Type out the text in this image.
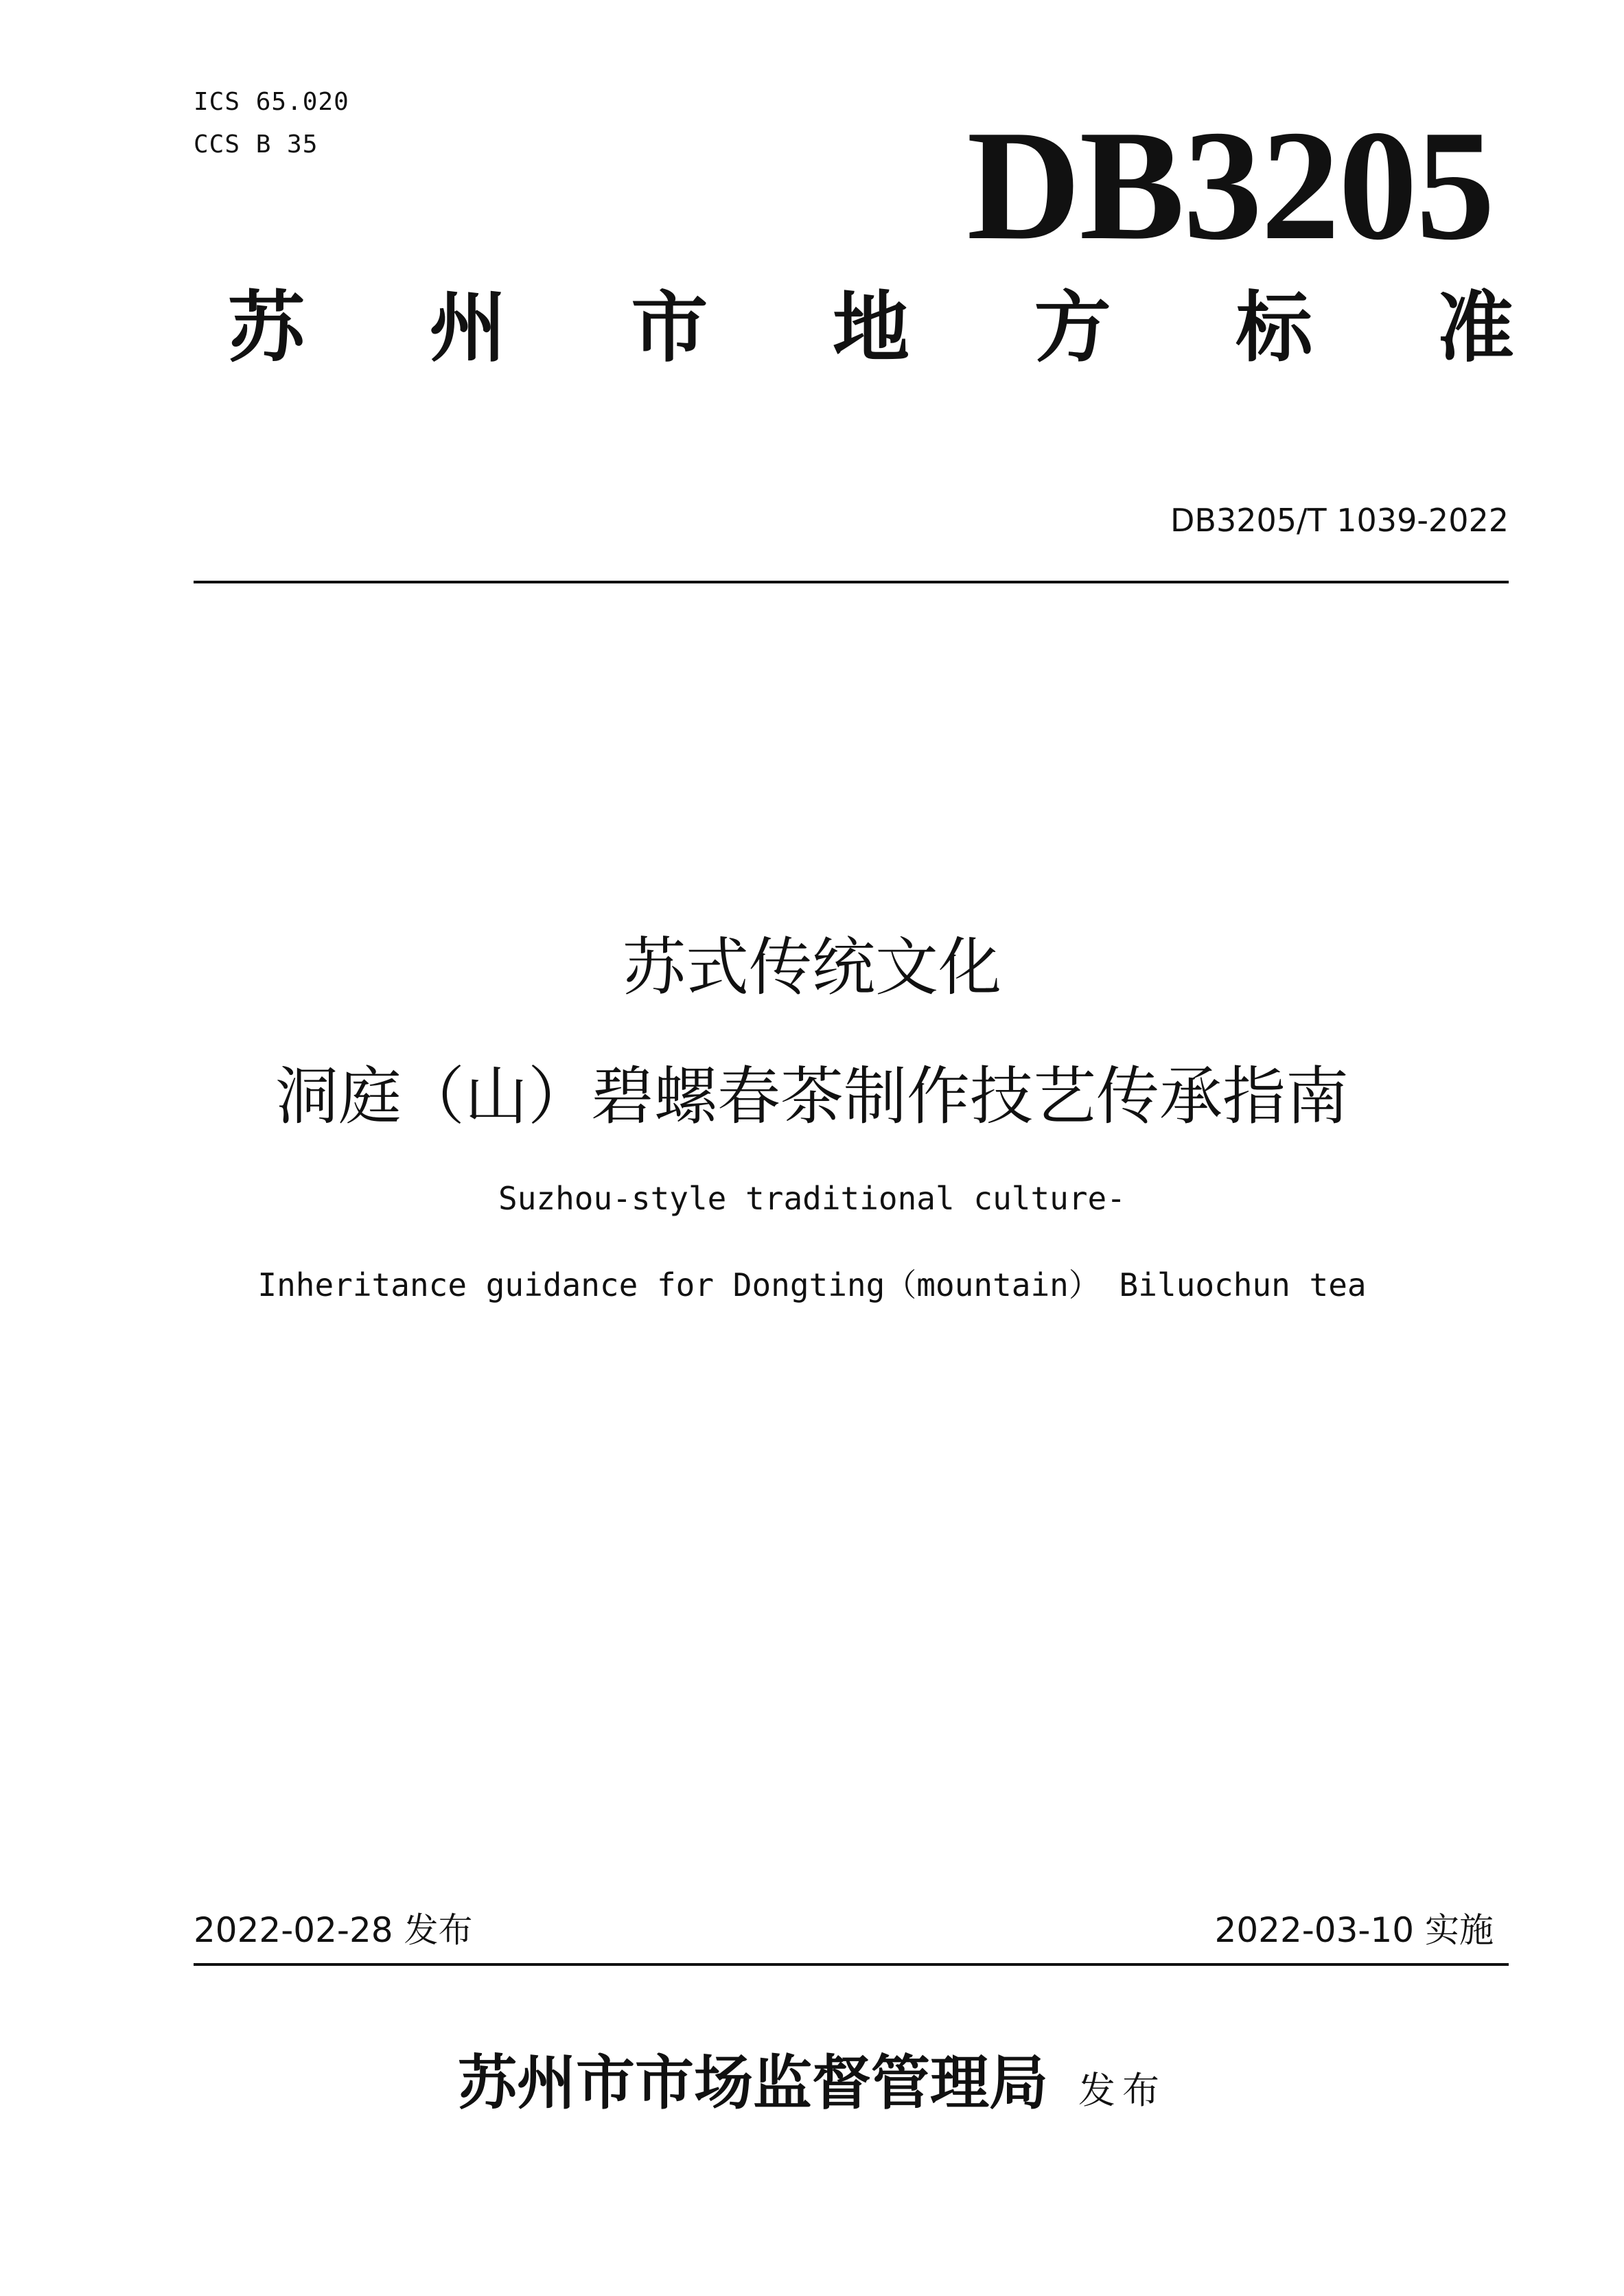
ICS 65.020
CCS B 35	DB3205
苏 州 市 地 方 标 准
DB3205/T 1039-2022
苏式传统文化
洞庭（山）碧螺春茶制作技艺传承指南
Suzhou-style traditional culture-
Inheritance guidance for Dongting（mountain） Biluochun tea
2022-02-28 发布	2022-03-10 实施
苏州市市场监督管理局 发布
